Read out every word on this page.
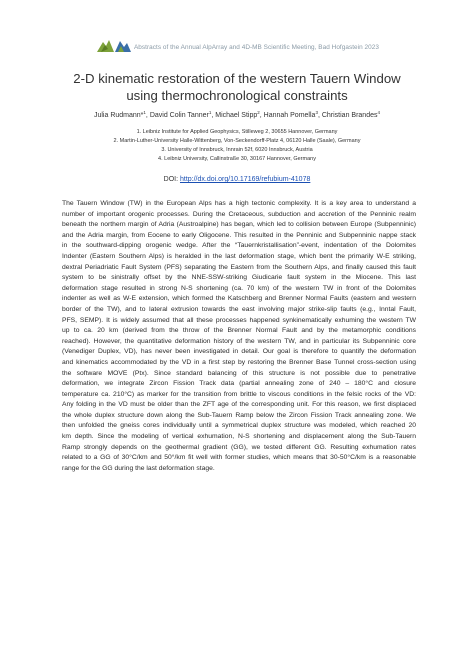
Abstracts of the Annual AlpArray and 4D-MB Scientific Meeting, Bad Hofgastein 2023
2-D kinematic restoration of the western Tauern Window
using thermochronological constraints
Julia Rudmann*$^1$, David Colin Tanner$^1$, Michael Stipp$^2$, Hannah Pomella$^3$, Christian Brandes$^4$
1. Leibniz Institute for Applied Geophysics, Stilleweg 2, 30655 Hannover, Germany
2. Martin-Luther-University Halle-Wittenberg, Von-Seckendorff-Platz 4, 06120 Halle (Saale), Germany
3. University of Innsbruck, Innrain 52f, 6020 Innsbruck, Austria
4. Leibniz University, Callinstraße 30, 30167 Hannover, Germany
DOI: http://dx.doi.org/10.17169/refubium-41078
The Tauern Window (TW) in the European Alps has a high tectonic complexity. It is a key area to understand a
number of important orogenic processes. During the Cretaceous, subduction and accretion of the Penninic realm
beneath the northern margin of Adria (Austroalpine) has began, which led to collision between Europe (Subpenninic)
and the Adria margin, from Eocene to early Oligocene. This resulted in the Penninic and Subpenninic nappe stack
in the southward-dipping orogenic wedge. After the “Tauernkristallisation”-event, indentation of the Dolomites
Indenter (Eastern Southern Alps) is heralded in the last deformation stage, which bent the primarily W-E striking,
dextral Periadriatic Fault System (PFS) separating the Eastern from the Southern Alps, and finally caused this fault
system to be sinistrally offset by the NNE-SSW-striking Giudicarie fault system in the Miocene. This last
deformation stage resulted in strong N-S shortening (ca. 70 km) of the western TW in front of the Dolomites
indenter as well as W-E extension, which formed the Katschberg and Brenner Normal Faults (eastern and western
border of the TW), and to lateral extrusion towards the east involving major strike-slip faults (e.g., Inntal Fault,
PFS, SEMP). It is widely assumed that all these processes happened synkinematically exhuming the western TW
up to ca. 20 km (derived from the throw of the Brenner Normal Fault and by the metamorphic conditions
reached). However, the quantitative deformation history of the western TW, and in particular its Subpenninic core
(Venediger Duplex, VD), has never been investigated in detail. Our goal is therefore to quantify the deformation
and kinematics accommodated by the VD in a first step by restoring the Brenner Base Tunnel cross-section using
the software MOVE (Ptx). Since standard balancing of this structure is not possible due to penetrative
deformation, we integrate Zircon Fission Track data (partial annealing zone of 240 – 180°C and closure
temperature ca. 210°C) as marker for the transition from brittle to viscous conditions in the felsic rocks of the VD:
Any folding in the VD must be older than the ZFT age of the corresponding unit. For this reason, we first displaced
the whole duplex structure down along the Sub-Tauern Ramp below the Zircon Fission Track annealing zone. We
then unfolded the gneiss cores individually until a symmetrical duplex structure was modeled, which reached 20
km depth. Since the modeling of vertical exhumation, N-S shortening and displacement along the Sub-Tauern
Ramp strongly depends on the geothermal gradient (GG), we tested different GG. Resulting exhumation rates
related to a GG of 30°C/km and 50°/km fit well with former studies, which means that 30-50°C/km is a reasonable
range for the GG during the last deformation stage.
